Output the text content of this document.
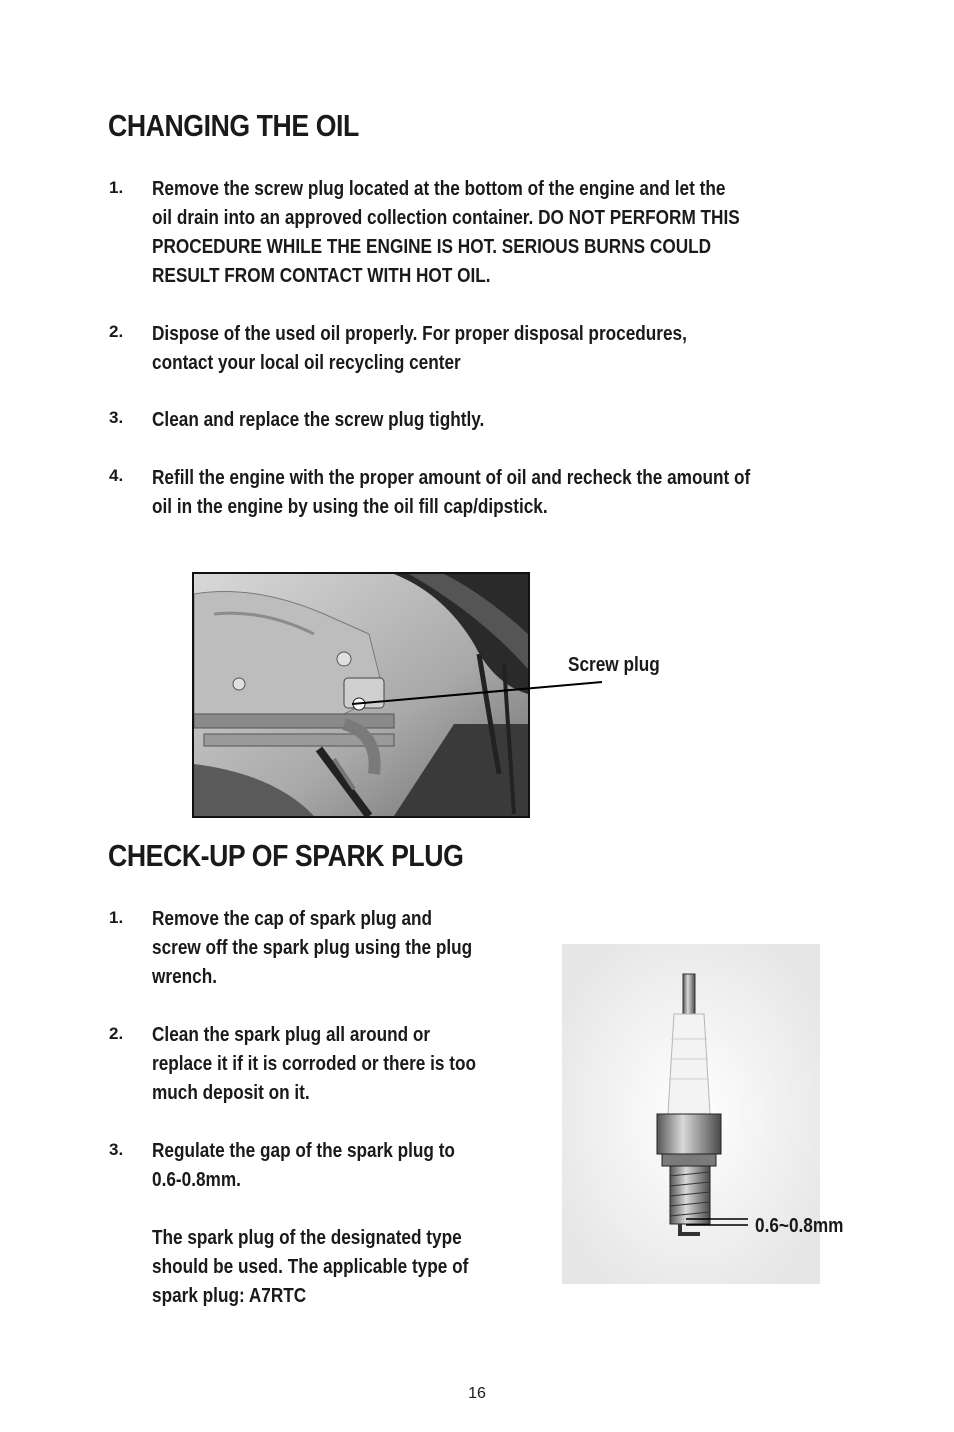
CHANGING THE OIL
1. Remove the screw plug located at the bottom of the engine and let the
oil drain into an approved collection container. DO NOT PERFORM THIS
PROCEDURE WHILE THE ENGINE IS HOT. SERIOUS BURNS COULD
RESULT FROM CONTACT WITH HOT OIL.
2. Dispose of the used oil properly. For proper disposal procedures,
contact your local oil recycling center
3. Clean and replace the screw plug tightly.
4. Refill the engine with the proper amount of oil and recheck the amount of
oil in the engine by using the oil fill cap/dipstick.
Screw plug
CHECK-UP OF SPARK PLUG
1. Remove the cap of spark plug and
screw off the spark plug using the plug
wrench.
2. Clean the spark plug all around or
replace it if it is corroded or there is too
much deposit on it.
3. Regulate the gap of the spark plug to
0.6-0.8mm.

The spark plug of the designated type
should be used. The applicable type of
spark plug: A7RTC
0.6~0.8mm
16
